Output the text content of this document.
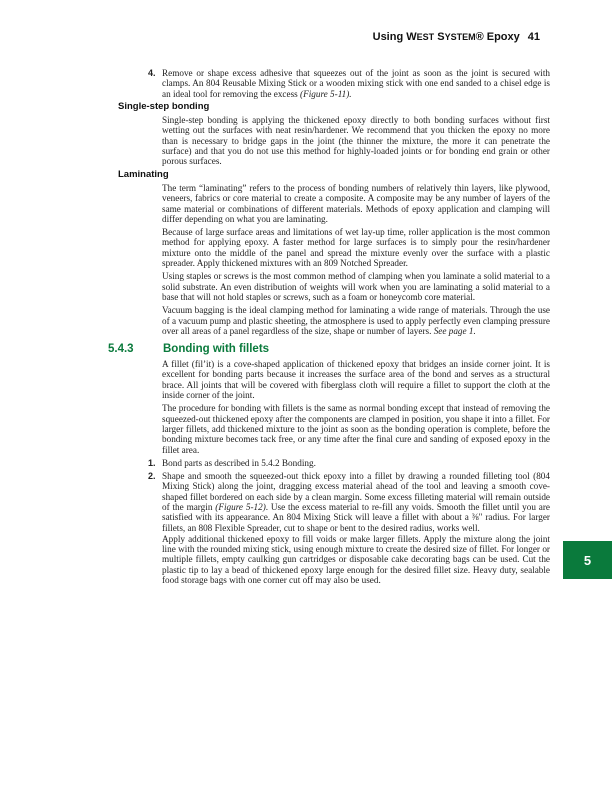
Using WEST SYSTEM® Epoxy 41
4. Remove or shape excess adhesive that squeezes out of the joint as soon as the joint is secured with clamps. An 804 Reusable Mixing Stick or a wooden mixing stick with one end sanded to a chisel edge is an ideal tool for removing the excess (Figure 5-11).
Single-step bonding

Single-step bonding is applying the thickened epoxy directly to both bonding surfaces without first wetting out the surfaces with neat resin/hardener. We recommend that you thicken the epoxy no more than is necessary to bridge gaps in the joint (the thinner the mixture, the more it can penetrate the surface) and that you do not use this method for highly-loaded joints or for bonding end grain or other porous surfaces.

Laminating

The term “laminating” refers to the process of bonding numbers of relatively thin layers, like plywood, veneers, fabrics or core material to create a composite. A composite may be any number of layers of the same material or combinations of different materials. Methods of epoxy application and clamping will differ depending on what you are laminating.

Because of large surface areas and limitations of wet lay-up time, roller application is the most common method for applying epoxy. A faster method for large surfaces is to simply pour the resin/hardener mixture onto the middle of the panel and spread the mixture evenly over the surface with a plastic spreader. Apply thickened mixtures with an 809 Notched Spreader.

Using staples or screws is the most common method of clamping when you laminate a solid material to a solid substrate. An even distribution of weights will work when you are laminating a solid material to a base that will not hold staples or screws, such as a foam or honeycomb core material.

Vacuum bagging is the ideal clamping method for laminating a wide range of materials. Through the use of a vacuum pump and plastic sheeting, the atmosphere is used to apply perfectly even clamping pressure over all areas of a panel regardless of the size, shape or number of layers. See page 1.

5.4.3	Bonding with fillets

A fillet (fil’it) is a cove-shaped application of thickened epoxy that bridges an inside corner joint. It is excellent for bonding parts because it increases the surface area of the bond and serves as a structural brace. All joints that will be covered with fiberglass cloth will require a fillet to support the cloth at the inside corner of the joint.

The procedure for bonding with fillets is the same as normal bonding except that instead of removing the squeezed-out thickened epoxy after the components are clamped in position, you shape it into a fillet. For larger fillets, add thickened mixture to the joint as soon as the bonding operation is complete, before the bonding mixture becomes tack free, or any time after the final cure and sanding of exposed epoxy in the fillet area.

1. Bond parts as described in 5.4.2 Bonding.
2. Shape and smooth the squeezed-out thick epoxy into a fillet by drawing a rounded filleting tool (804 Mixing Stick) along the joint, dragging excess material ahead of the tool and leaving a smooth cove-shaped fillet bordered on each side by a clean margin. Some excess filleting material will remain outside of the margin (Figure 5-12). Use the excess material to re-fill any voids. Smooth the fillet until you are satisfied with its appearance. An 804 Mixing Stick will leave a fillet with about a ⅜" radius. For larger fillets, an 808 Flexible Spreader, cut to shape or bent to the desired radius, works well.
Apply additional thickened epoxy to fill voids or make larger fillets. Apply the mixture along the joint line with the rounded mixing stick, using enough mixture to create the desired size of fillet. For longer or multiple fillets, empty caulking gun cartridges or disposable cake decorating bags can be used. Cut the plastic tip to lay a bead of thickened epoxy large enough for the desired fillet size. Heavy duty, sealable food storage bags with one corner cut off may also be used.
5
